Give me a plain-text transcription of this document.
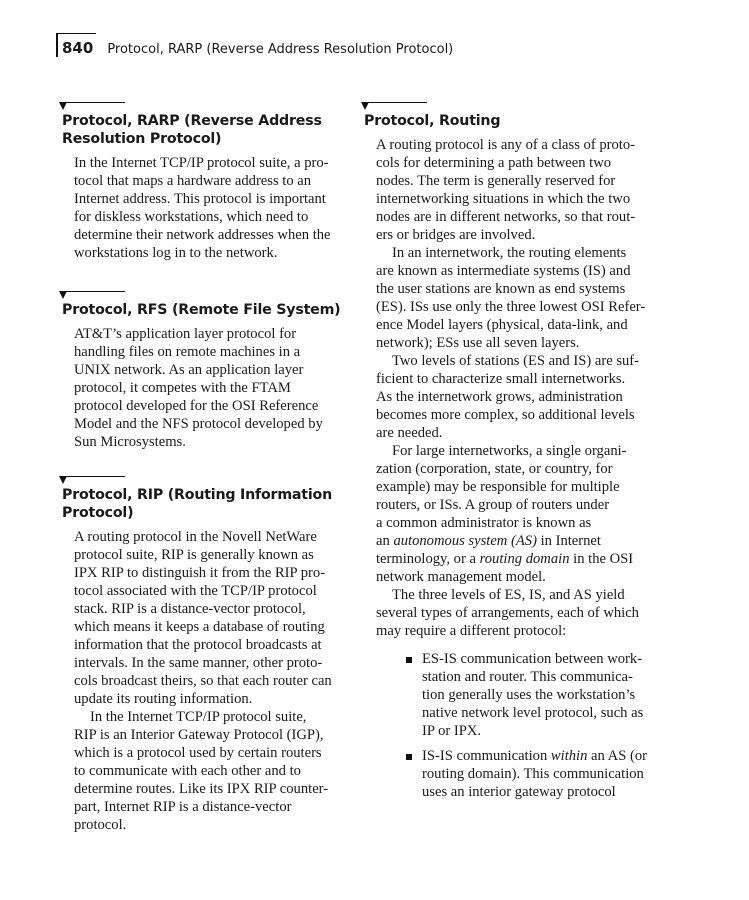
840 Protocol, RARP (Reverse Address Resolution Protocol)
Protocol, RARP (Reverse Address
Resolution Protocol)
In the Internet TCP/IP protocol suite, a pro-
tocol that maps a hardware address to an
Internet address. This protocol is important
for diskless workstations, which need to
determine their network addresses when the
workstations log in to the network.
Protocol, RFS (Remote File System)
AT&T’s application layer protocol for
handling files on remote machines in a
UNIX network. As an application layer
protocol, it competes with the FTAM
protocol developed for the OSI Reference
Model and the NFS protocol developed by
Sun Microsystems.
Protocol, RIP (Routing Information
Protocol)
A routing protocol in the Novell NetWare
protocol suite, RIP is generally known as
IPX RIP to distinguish it from the RIP pro-
tocol associated with the TCP/IP protocol
stack. RIP is a distance-vector protocol,
which means it keeps a database of routing
information that the protocol broadcasts at
intervals. In the same manner, other proto-
cols broadcast theirs, so that each router can
update its routing information.
In the Internet TCP/IP protocol suite,
RIP is an Interior Gateway Protocol (IGP),
which is a protocol used by certain routers
to communicate with each other and to
determine routes. Like its IPX RIP counter-
part, Internet RIP is a distance-vector
protocol.
Protocol, Routing
A routing protocol is any of a class of proto-
cols for determining a path between two
nodes. The term is generally reserved for
internetworking situations in which the two
nodes are in different networks, so that rout-
ers or bridges are involved.
In an internetwork, the routing elements
are known as intermediate systems (IS) and
the user stations are known as end systems
(ES). ISs use only the three lowest OSI Refer-
ence Model layers (physical, data-link, and
network); ESs use all seven layers.
Two levels of stations (ES and IS) are suf-
ficient to characterize small internetworks.
As the internetwork grows, administration
becomes more complex, so additional levels
are needed.
For large internetworks, a single organi-
zation (corporation, state, or country, for
example) may be responsible for multiple
routers, or ISs. A group of routers under
a common administrator is known as
an autonomous system (AS) in Internet
terminology, or a routing domain in the OSI
network management model.
The three levels of ES, IS, and AS yield
several types of arrangements, each of which
may require a different protocol:
ES-IS communication between work-
station and router. This communica-
tion generally uses the workstation’s
native network level protocol, such as
IP or IPX.
IS-IS communication within an AS (or
routing domain). This communication
uses an interior gateway protocol
